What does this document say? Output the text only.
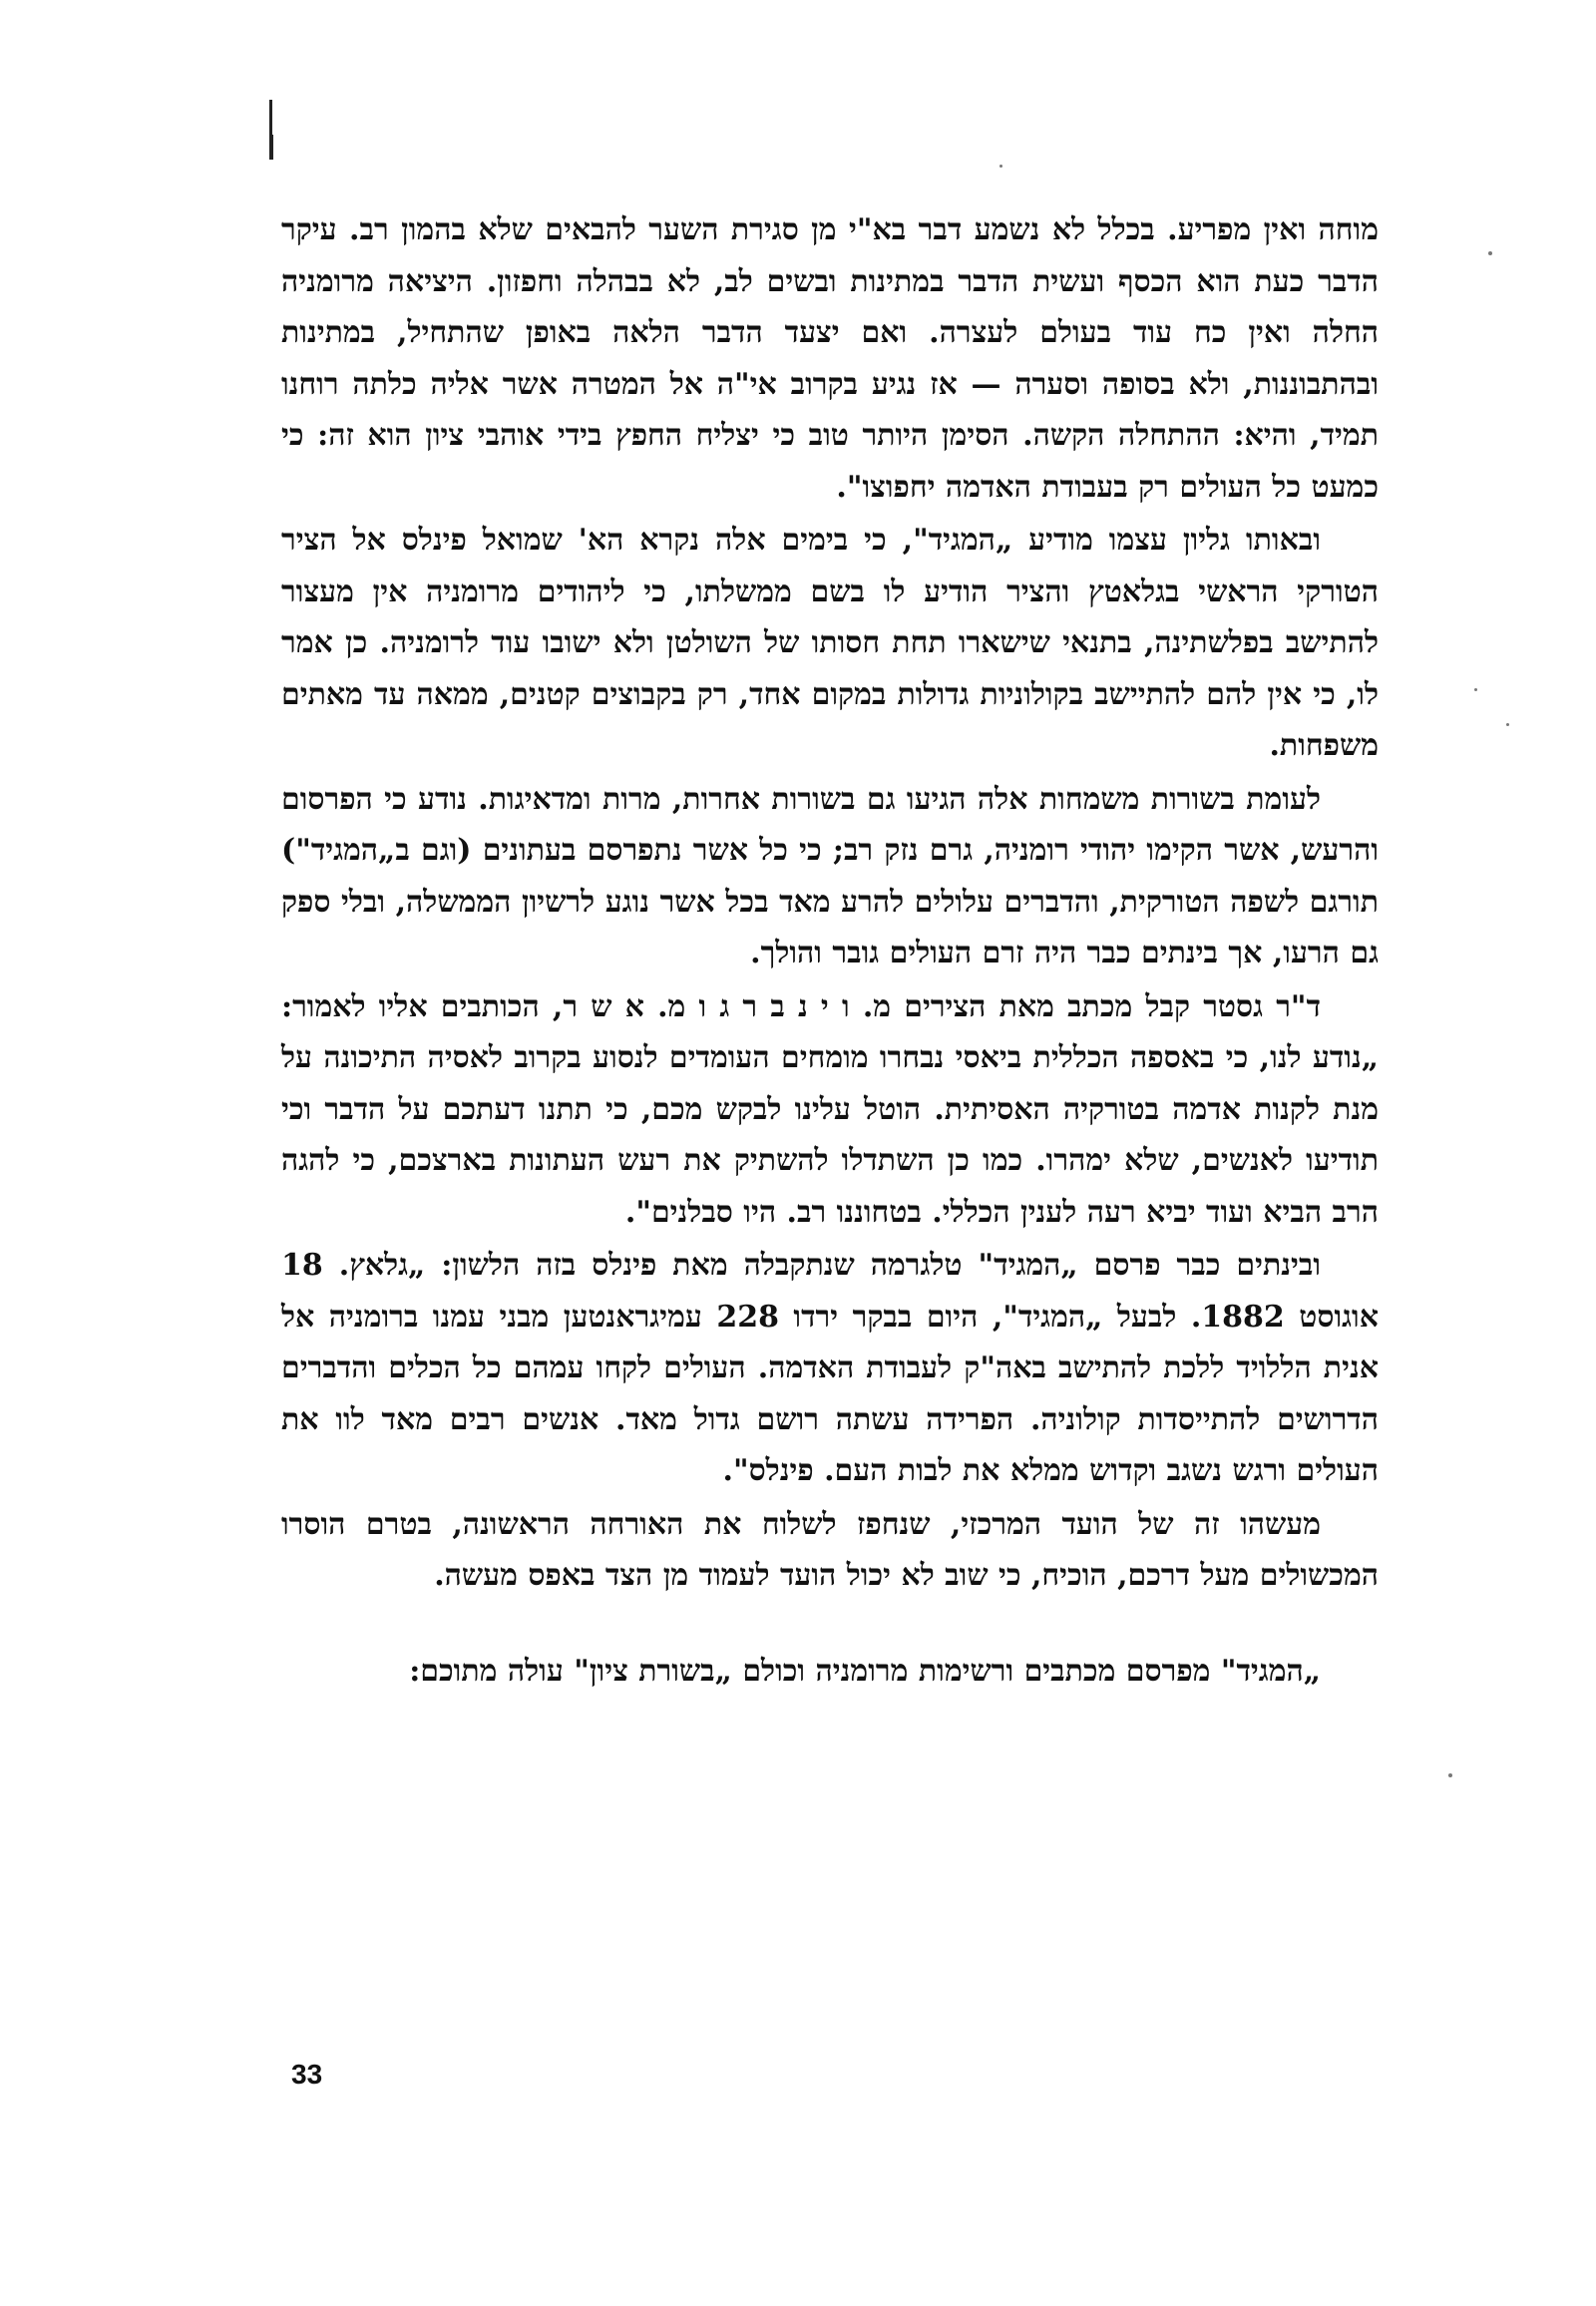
מוחה ואין מפריע. בכלל לא נשמע דבר בא"י מן סגירת השער להבאים שלא בהמון רב. עיקר הדבר כעת הוא הכסף ועשית הדבר במתינות ובשים לב, לא בבהלה וחפזון. היציאה מרומניה החלה ואין כח עוד בעולם לעצרה. ואם יצעד הדבר הלאה באופן שהתחיל, במתינות ובהתבוננות, ולא בסופה וסערה — אז נגיע בקרוב אי"ה אל המטרה אשר אליה כלתה רוחנו תמיד, והיא: ההתחלה הקשה. הסימן היותר טוב כי יצליח החפץ בידי אוהבי ציון הוא זה: כי כמעט כל העולים רק בעבודת האדמה יחפוצו".

ובאותו גליון עצמו מודיע „המגיד", כי בימים אלה נקרא הא' שמואל פינלס אל הציר הטורקי הראשי בגלאטץ והציר הודיע לו בשם ממשלתו, כי ליהודים מרומניה אין מעצור להתישב בפלשתינה, בתנאי שישארו תחת חסותו של השולטן ולא ישובו עוד לרומניה. כן אמר לו, כי אין להם להתיישב בקולוניות גדולות במקום אחד, רק בקבוצים קטנים, ממאה עד מאתים משפחות.

לעומת בשורות משמחות אלה הגיעו גם בשורות אחרות, מרות ומדאיגות. נודע כי הפרסום והרעש, אשר הקימו יהודי רומניה, גרם נזק רב; כי כל אשר נתפרסם בעתונים (וגם ב„המגיד") תורגם לשפה הטורקית, והדברים עלולים להרע מאד בכל אשר נוגע לרשיון הממשלה, ובלי ספק גם הרעו, אך בינתים כבר היה זרם העולים גובר והולך.

ד"ר גסטר קבל מכתב מאת הצירים מ. ו י נ ב ר ג ו מ. א ש ר, הכותבים אליו לאמור: „נודע לנו, כי באספה הכללית ביאסי נבחרו מומחים העומדים לנסוע בקרוב לאסיה התיכונה על מנת לקנות אדמה בטורקיה האסיתית. הוטל עלינו לבקש מכם, כי תתנו דעתכם על הדבר וכי תודיעו לאנשים, שלא ימהרו. כמו כן השתדלו להשתיק את רעש העתונות בארצכם, כי להגה הרב הביא ועוד יביא רעה לענין הכללי. בטחוננו רב. היו סבלנים".

ובינתים כבר פרסם „המגיד" טלגרמה שנתקבלה מאת פינלס בזה הלשון: „גלאץ. 18 אוגוסט 1882. לבעל „המגיד", היום בבקר ירדו 228 עמיגראנטען מבני עמנו ברומניה אל אנית הללויד ללכת להתישב באה"ק לעבודת האדמה. העולים לקחו עמהם כל הכלים והדברים הדרושים להתייסדות קולוניה. הפרידה עשתה רושם גדול מאד. אנשים רבים מאד לוו את העולים ורגש נשגב וקדוש ממלא את לבות העם. פינלס".

מעשהו זה של הועד המרכזי, שנחפז לשלוח את האורחה הראשונה, בטרם הוסרו המכשולים מעל דרכם, הוכיח, כי שוב לא יכול הועד לעמוד מן הצד באפס מעשה.

„המגיד" מפרסם מכתבים ורשימות מרומניה וכולם „בשורת ציון" עולה מתוכם:

33
